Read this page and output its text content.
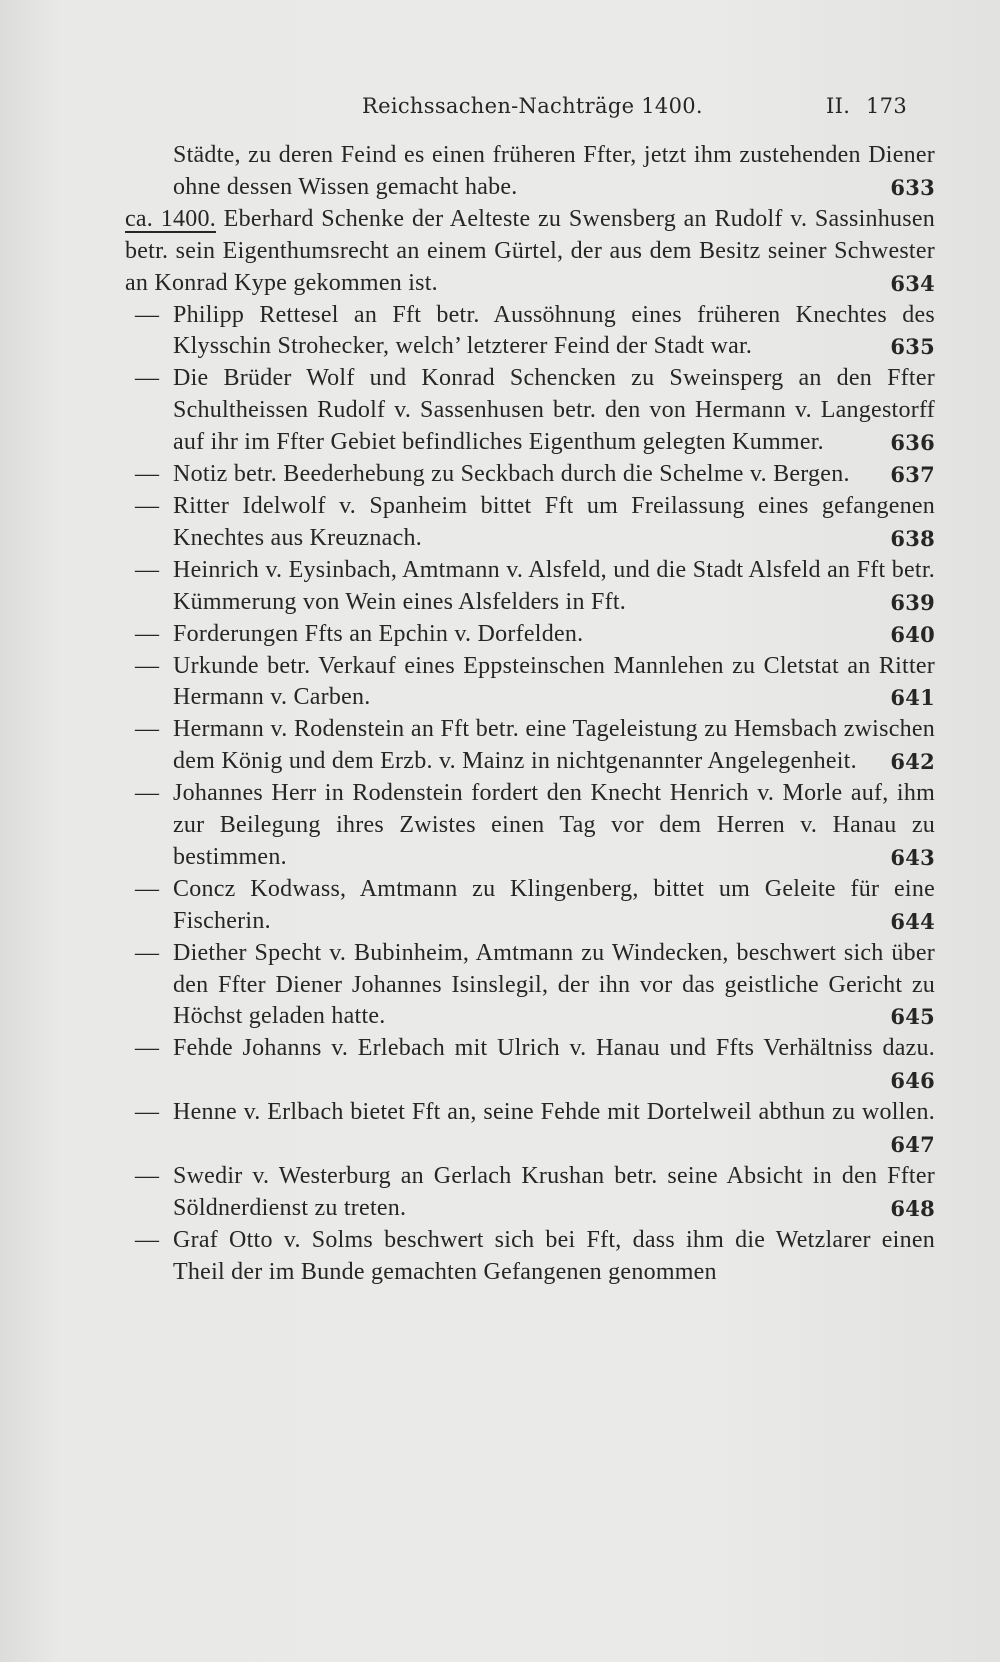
Reichssachen-Nachträge 1400.	II. 173
633
Städte, zu deren Feind es einen früheren Ffter, jetzt ihm zustehenden Diener ohne dessen Wissen gemacht habe.
634
ca. 1400. Eberhard Schenke der Aelteste zu Swensberg an Rudolf v. Sassinhusen betr. sein Eigenthumsrecht an einem Gürtel, der aus dem Besitz seiner Schwester an Konrad Kype gekommen ist.
635
— Philipp Rettesel an Fft betr. Aussöhnung eines früheren Knechtes des Klysschin Strohecker, welch’ letzterer Feind der Stadt war.
636
— Die Brüder Wolf und Konrad Schencken zu Sweinsperg an den Ffter Schultheissen Rudolf v. Sassenhusen betr. den von Hermann v. Langestorff auf ihr im Ffter Gebiet befindliches Eigenthum gelegten Kummer.
637
— Notiz betr. Beederhebung zu Seckbach durch die Schelme v. Bergen.
638
— Ritter Idelwolf v. Spanheim bittet Fft um Freilassung eines gefangenen Knechtes aus Kreuznach.
639
— Heinrich v. Eysinbach, Amtmann v. Alsfeld, und die Stadt Alsfeld an Fft betr. Kümmerung von Wein eines Alsfelders in Fft.
640
— Forderungen Ffts an Epchin v. Dorfelden.
641
— Urkunde betr. Verkauf eines Eppsteinschen Mannlehen zu Cletstat an Ritter Hermann v. Carben.
642
— Hermann v. Rodenstein an Fft betr. eine Tageleistung zu Hemsbach zwischen dem König und dem Erzb. v. Mainz in nichtgenannter Angelegenheit.
643
— Johannes Herr in Rodenstein fordert den Knecht Henrich v. Morle auf, ihm zur Beilegung ihres Zwistes einen Tag vor dem Herren v. Hanau zu bestimmen.
644
— Concz Kodwass, Amtmann zu Klingenberg, bittet um Geleite für eine Fischerin.
645
— Diether Specht v. Bubinheim, Amtmann zu Windecken, beschwert sich über den Ffter Diener Johannes Isinslegil, der ihn vor das geistliche Gericht zu Höchst geladen hatte.
646
— Fehde Johanns v. Erlebach mit Ulrich v. Hanau und Ffts Verhältniss dazu.
647
— Henne v. Erlbach bietet Fft an, seine Fehde mit Dortelweil abthun zu wollen.
648
— Swedir v. Westerburg an Gerlach Krushan betr. seine Absicht in den Ffter Söldnerdienst zu treten.
— Graf Otto v. Solms beschwert sich bei Fft, dass ihm die Wetzlarer einen Theil der im Bunde gemachten Gefangenen genommen
